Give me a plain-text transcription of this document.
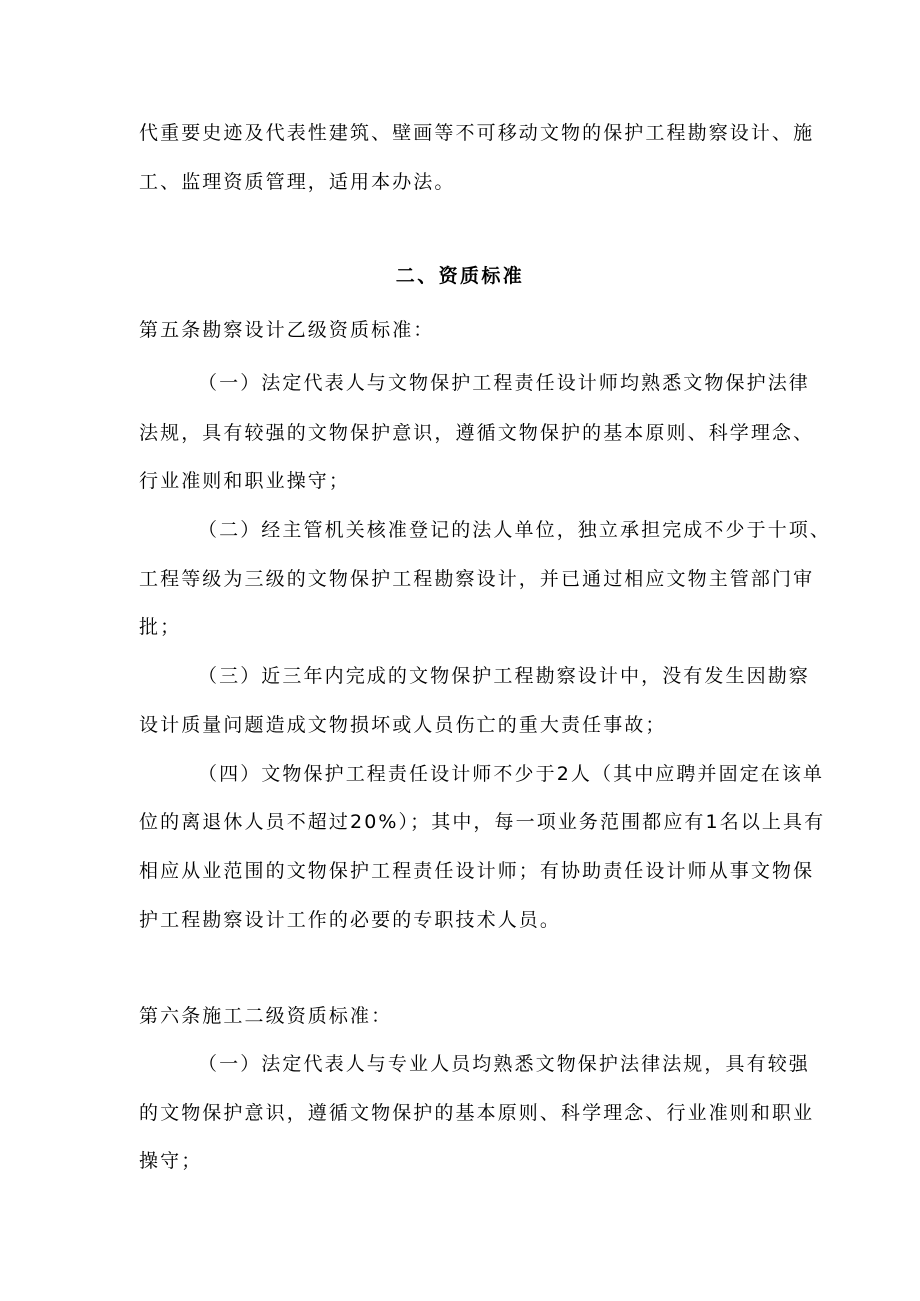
代重要史迹及代表性建筑、壁画等不可移动文物的保护工程勘察设计、施
工、监理资质管理，适用本办法。
二、资质标准
第五条勘察设计乙级资质标准：
（一）法定代表人与文物保护工程责任设计师均熟悉文物保护法律
法规，具有较强的文物保护意识，遵循文物保护的基本原则、科学理念、
行业准则和职业操守；
（二）经主管机关核准登记的法人单位，独立承担完成不少于十项、
工程等级为三级的文物保护工程勘察设计，并已通过相应文物主管部门审
批；
（三）近三年内完成的文物保护工程勘察设计中，没有发生因勘察
设计质量问题造成文物损坏或人员伤亡的重大责任事故；
（四）文物保护工程责任设计师不少于2人（其中应聘并固定在该单
位的离退休人员不超过20%）；其中，每一项业务范围都应有1名以上具有
相应从业范围的文物保护工程责任设计师；有协助责任设计师从事文物保
护工程勘察设计工作的必要的专职技术人员。
第六条施工二级资质标准：
（一）法定代表人与专业人员均熟悉文物保护法律法规，具有较强
的文物保护意识，遵循文物保护的基本原则、科学理念、行业准则和职业
操守；
